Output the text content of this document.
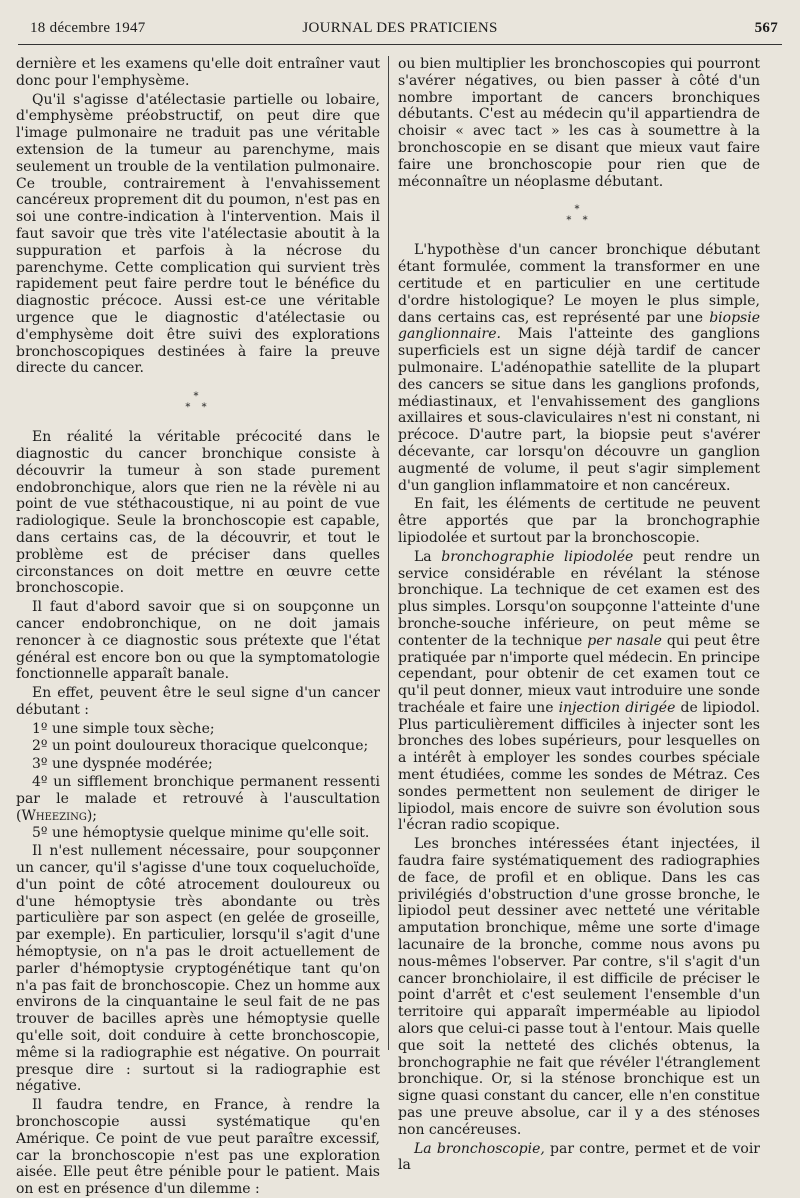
18 décembre 1947	JOURNAL DES PRATICIENS	567

dernière et les examens qu'elle doit entraîner vaut donc pour l'emphysème.

Qu'il s'agisse d'atélectasie partielle ou lobaire, d'emphysème préobstructif, on peut dire que l'image pulmonaire ne traduit pas une véritable extension de la tumeur au parenchyme, mais seulement un trouble de la ventilation pulmonaire. Ce trouble, contrairement à l'envahissement cancéreux proprement dit du poumon, n'est pas en soi une contre-indication à l'intervention. Mais il faut savoir que très vite l'atélectasie aboutit à la suppuration et parfois à la nécrose du parenchyme. Cette complication qui survient très rapidement peut faire perdre tout le bénéfice du diagnostic précoce. Aussi est-ce une véritable urgence que le diagnostic d'atélectasie ou d'emphysème doit être suivi des explorations bronchoscopiques destinées à faire la preuve directe du cancer.

*
* *

En réalité la véritable précocité dans le diagnostic du cancer bronchique consiste à découvrir la tumeur à son stade purement endobronchique, alors que rien ne la révèle ni au point de vue stéthacoustique, ni au point de vue radiologique. Seule la bronchoscopie est capable, dans certains cas, de la découvrir, et tout le problème est de préciser dans quelles circonstances on doit mettre en œuvre cette bronchoscopie.

Il faut d'abord savoir que si on soupçonne un cancer endobronchique, on ne doit jamais renoncer à ce diagnostic sous prétexte que l'état général est encore bon ou que la symptomatologie fonctionnelle apparaît banale.

En effet, peuvent être le seul signe d'un cancer débutant :

1º une simple toux sèche;

2º un point douloureux thoracique quelconque;

3º une dyspnée modérée;

4º un sifflement bronchique permanent ressenti par le malade et retrouvé à l'auscultation (Wheezing);

5º une hémoptysie quelque minime qu'elle soit.

Il n'est nullement nécessaire, pour soupçonner un cancer, qu'il s'agisse d'une toux coqueluchoïde, d'un point de côté atrocement douloureux ou d'une hémoptysie très abondante ou très particulière par son aspect (en gelée de groseille, par exemple). En particulier, lorsqu'il s'agit d'une hémoptysie, on n'a pas le droit actuellement de parler d'hémoptysie cryptogénétique tant qu'on n'a pas fait de bronchoscopie. Chez un homme aux environs de la cinquantaine le seul fait de ne pas trouver de bacilles après une hémoptysie quelle qu'elle soit, doit conduire à cette bronchoscopie, même si la radiographie est négative. On pourrait presque dire : surtout si la radiographie est négative.

Il faudra tendre, en France, à rendre la bronchoscopie aussi systématique qu'en Amérique. Ce point de vue peut paraître excessif, car la bronchoscopie n'est pas une exploration aisée. Elle peut être pénible pour le patient. Mais on est en présence d'un dilemme :

ou bien multiplier les bronchoscopies qui pourront s'avérer négatives, ou bien passer à côté d'un nombre important de cancers bronchiques débutants. C'est au médecin qu'il appartiendra de choisir « avec tact » les cas à soumettre à la bronchoscopie en se disant que mieux vaut faire faire une bronchoscopie pour rien que de méconnaître un néoplasme débutant.

*
* *

L'hypothèse d'un cancer bronchique débutant étant formulée, comment la transformer en une certitude et en particulier en une certitude d'ordre histologique? Le moyen le plus simple, dans certains cas, est représenté par une biopsie ganglionnaire. Mais l'atteinte des ganglions superficiels est un signe déjà tardif de cancer pulmonaire. L'adénopathie satellite de la plupart des cancers se situe dans les ganglions profonds, médiastinaux, et l'envahissement des ganglions axillaires et sous-claviculaires n'est ni constant, ni précoce. D'autre part, la biopsie peut s'avérer décevante, car lorsqu'on découvre un ganglion augmenté de volume, il peut s'agir simplement d'un ganglion inflammatoire et non cancéreux.

En fait, les éléments de certitude ne peuvent être apportés que par la bronchographie lipiodolée et surtout par la bronchoscopie.

La bronchographie lipiodolée peut rendre un service considérable en révélant la sténose bronchique. La technique de cet examen est des plus simples. Lorsqu'on soupçonne l'atteinte d'une bronche-souche inférieure, on peut même se contenter de la technique per nasale qui peut être pratiquée par n'importe quel médecin. En principe cependant, pour obtenir de cet examen tout ce qu'il peut donner, mieux vaut introduire une sonde trachéale et faire une injection dirigée de lipiodol. Plus particulièrement difficiles à injecter sont les bronches des lobes supérieurs, pour lesquelles on a intérêt à employer les sondes courbes spéciale ment étudiées, comme les sondes de Métraz. Ces sondes permettent non seulement de diriger le lipiodol, mais encore de suivre son évolution sous l'écran radio scopique.

Les bronches intéressées étant injectées, il faudra faire systématiquement des radiographies de face, de profil et en oblique. Dans les cas privilégiés d'obstruction d'une grosse bronche, le lipiodol peut dessiner avec netteté une véritable amputation bronchique, même une sorte d'image lacunaire de la bronche, comme nous avons pu nous-mêmes l'observer. Par contre, s'il s'agit d'un cancer bronchiolaire, il est difficile de préciser le point d'arrêt et c'est seulement l'ensemble d'un territoire qui apparaît imperméable au lipiodol alors que celui-ci passe tout à l'entour. Mais quelle que soit la netteté des clichés obtenus, la bronchographie ne fait que révéler l'étranglement bronchique. Or, si la sténose bronchique est un signe quasi constant du cancer, elle n'en constitue pas une preuve absolue, car il y a des sténoses non cancéreuses.

La bronchoscopie, par contre, permet et de voir la
